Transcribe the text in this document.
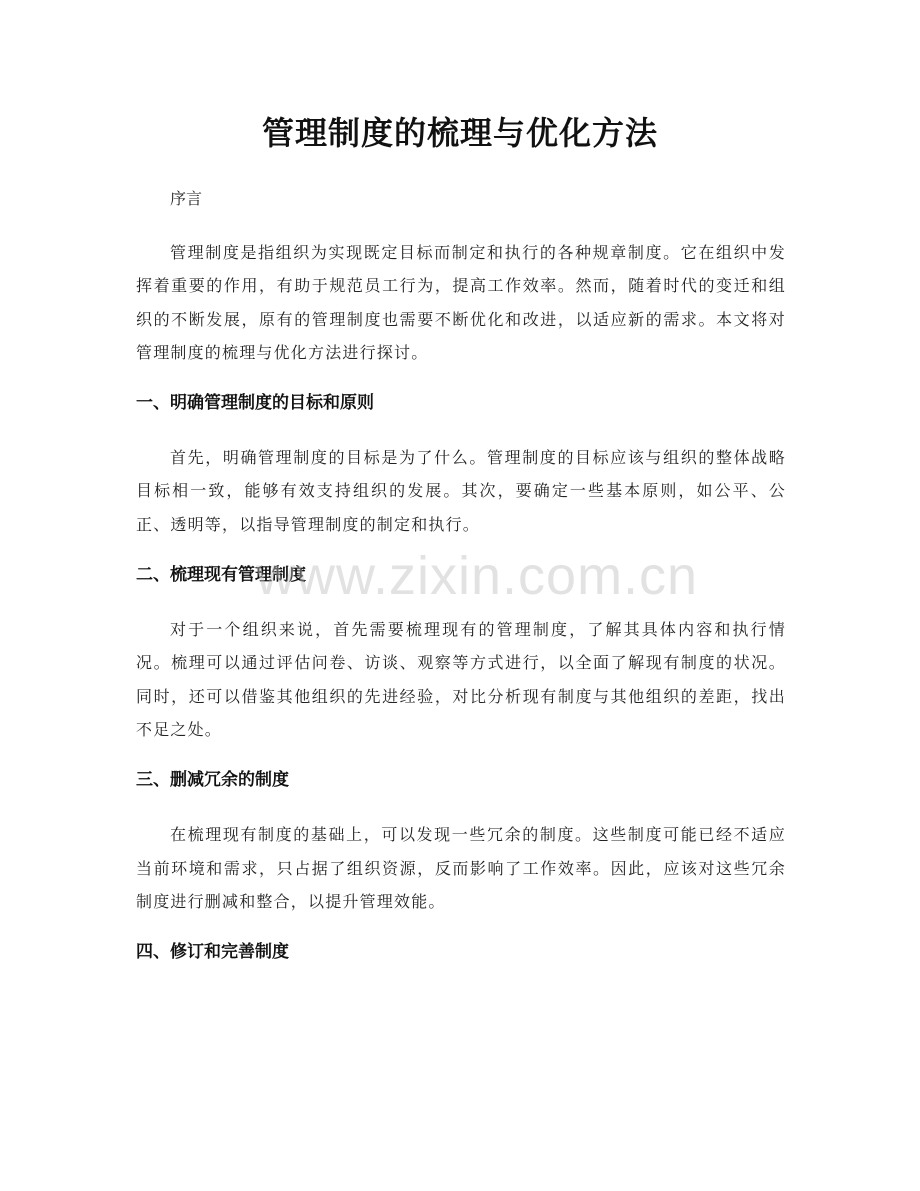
管理制度的梳理与优化方法

序言

管理制度是指组织为实现既定目标而制定和执行的各种规章制度。它在组织中发挥着重要的作用，有助于规范员工行为，提高工作效率。然而，随着时代的变迁和组织的不断发展，原有的管理制度也需要不断优化和改进，以适应新的需求。本文将对管理制度的梳理与优化方法进行探讨。

一、明确管理制度的目标和原则

首先，明确管理制度的目标是为了什么。管理制度的目标应该与组织的整体战略目标相一致，能够有效支持组织的发展。其次，要确定一些基本原则，如公平、公正、透明等，以指导管理制度的制定和执行。

二、梳理现有管理制度

对于一个组织来说，首先需要梳理现有的管理制度，了解其具体内容和执行情况。梳理可以通过评估问卷、访谈、观察等方式进行，以全面了解现有制度的状况。同时，还可以借鉴其他组织的先进经验，对比分析现有制度与其他组织的差距，找出不足之处。

三、删减冗余的制度

在梳理现有制度的基础上，可以发现一些冗余的制度。这些制度可能已经不适应当前环境和需求，只占据了组织资源，反而影响了工作效率。因此，应该对这些冗余制度进行删减和整合，以提升管理效能。

四、修订和完善制度
www.zixin.com.cn
